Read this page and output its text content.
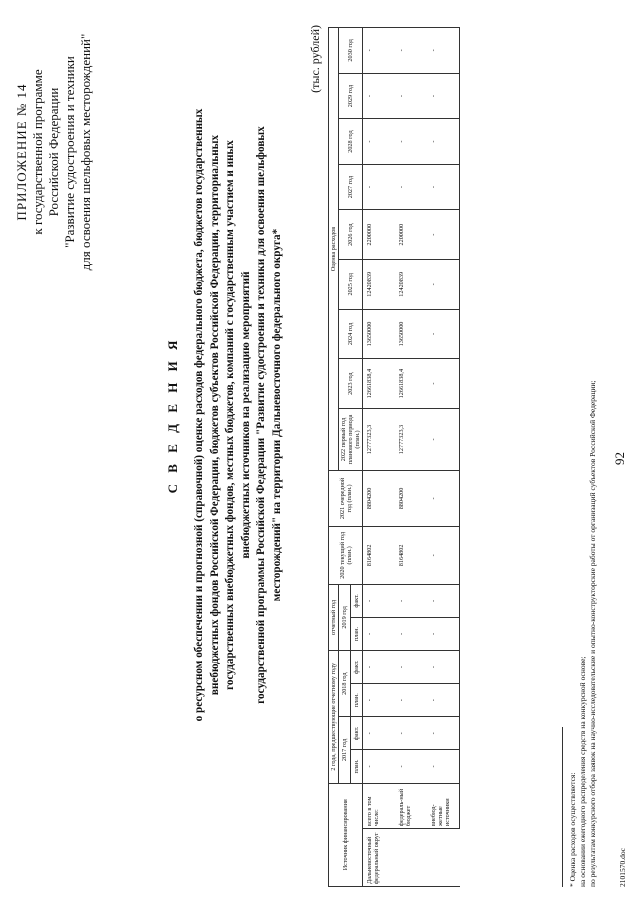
92
ПРИЛОЖЕНИЕ № 14 к государственной программе Российской Федерации "Развитие судостроения и техники для освоения шельфовых месторождений"
С В Е Д Е Н И Я о ресурсном обеспечении и прогнозной (справочной) оценке расходов федерального бюджета, бюджетов государственных внебюджетных фондов Российской Федерации, бюджетов субъектов Российской Федерации, территориальных государственных внебюджетных фондов, местных бюджетов, компаний с государственным участием и иных внебюджетных источников на реализацию мероприятий государственной программы Российской Федерации "Развитие судостроения и техники для освоения шельфовых месторождений" на территории Дальневосточного федерального округа*
(тыс. рублей)
Источник финансирования		2 года, предшествующие отчетному году				отчетный год		2020 текущий год (план.)	2021 очередной год (план.)	Оценка расходов								
		2017 год		2018 год		2019 год				2022 первый год планового периода (план.)	2023 год	2024 год	2025 год	2026 год	2027 год	2028 год	2029 год	2030 год
		план.	факт.	план.	факт.	план.	факт.											
Дальневосточный федеральный округ	всего в том числе:	-	-	-	-	-	-	8164802	8804200	12777323,3	12661838,4	13650000	12420839	2200000	-	-	-	-
	федераль-ный бюджет	-	-	-	-	-	-	8164802	8804200	12777323,3	12661838,4	13650000	12420839	2200000	-	-	-	-
	внебюд-жетные источники	-	-	-	-	-	-	-	-	-	-	-	-	-	-	-	-	-
* Оценка расходов осуществляется: на основании ежегодного распределения средств на конкурсной основе; по результатам конкурсного отбора заявок на научно-исследовательские и опытно-конструкторские работы от организаций субъектов Российской Федерации;	2101570.doc
